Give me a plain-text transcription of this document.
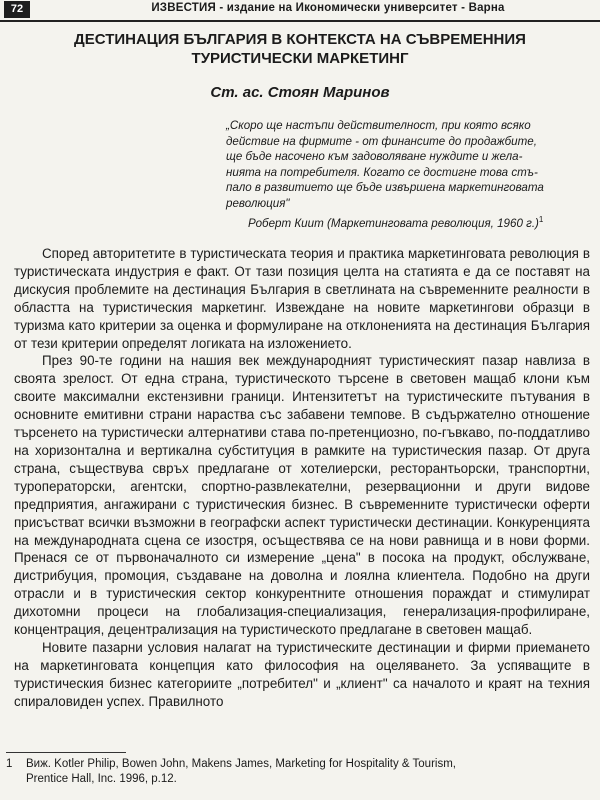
72	ИЗВЕСТИЯ - издание на Икономически университет - Варна
ДЕСТИНАЦИЯ БЪЛГАРИЯ В КОНТЕКСТА НА СЪВРЕМЕННИЯ
ТУРИСТИЧЕСКИ МАРКЕТИНГ
Ст. ас. Стоян Маринов
„Скоро ще настъпи действителност, при която всяко
действие на фирмите - от финансите до продажбите,
ще бъде насочено към задоволяване нуждите и жела-
нията на потребителя. Когато се достигне това стъ-
пало в развитието ще бъде извършена маркетинговата
революция"
Роберт Киит (Маркетинговата революция, 1960 г.)$^1$

Според авторитетите в туристическата теория и практика маркетинговата революция в туристическата индустрия е факт. От тази позиция целта на статията е да се поставят на дискусия проблемите на дестинация България в светлината на съвременните реалности в областта на туристическия маркетинг. Извеждане на новите маркетингови образци в туризма като критерии за оценка и формулиране на отклоненията на дестинация България от тези критерии определят логиката на изложението.

През 90-те години на нашия век международният туристическият пазар навлиза в своята зрелост. От една страна, туристическото търсене в световен мащаб клони към своите максимални екстензивни граници. Интензитетът на туристическите пътувания в основните емитивни страни нараства със забавени темпове. В съдържателно отношение търсенето на туристически алтернативи става по-претенциозно, по-гъвкаво, по-поддатливо на хоризонтална и вертикална субституция в рамките на туристическия пазар. От друга страна, съществува свръх предлагане от хотелиерски, ресторантьорски, транспортни, туроператорски, агентски, спортно-развлекателни, резервационни и други видове предприятия, ангажирани с туристическия бизнес. В съвременните туристически оферти присъстват всички възможни в географски аспект туристически дестинации. Конкуренцията на международната сцена се изостря, осъществява се на нови равнища и в нови форми. Пренася се от първоначалното си измерение „цена" в посока на продукт, обслужване, дистрибуция, промоция, създаване на доволна и лоялна клиентела. Подобно на други отрасли и в туристическия сектор конкурентните отношения пораждат и стимулират дихотомни процеси на глобализация-специализация, генерализация-профилиране, концентрация, децентрализация на туристическото предлагане в световен мащаб.

Новите пазарни условия налагат на туристическите дестинации и фирми приемането на маркетинговата концепция като философия на оцеляването. За успяващите в туристическия бизнес категориите „потребител" и „клиент" са началото и краят на техния спираловиден успех. Правилното

1 Виж. Kotler Philip, Bowen John, Makens James, Marketing for Hospitality & Tourism,
Prentice Hall, Inc. 1996, p.12.
